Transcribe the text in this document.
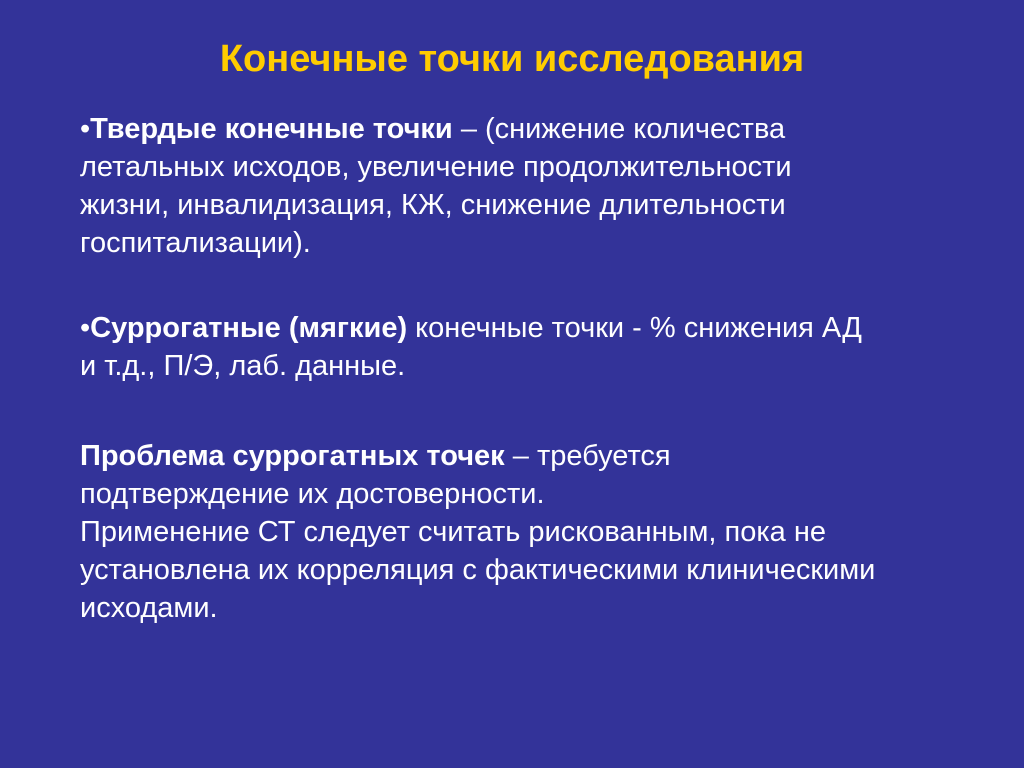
Конечные точки исследования

•Твердые конечные точки – (снижение количества летальных исходов, увеличение продолжительности жизни, инвалидизация, КЖ, снижение длительности госпитализации).

•Суррогатные (мягкие) конечные точки - % снижения АД и т.д., П/Э, лаб. данные.

Проблема суррогатных точек – требуется подтверждение их достоверности.

Применение СТ следует считать рискованным, пока не установлена их корреляция с фактическими клиническими исходами.
